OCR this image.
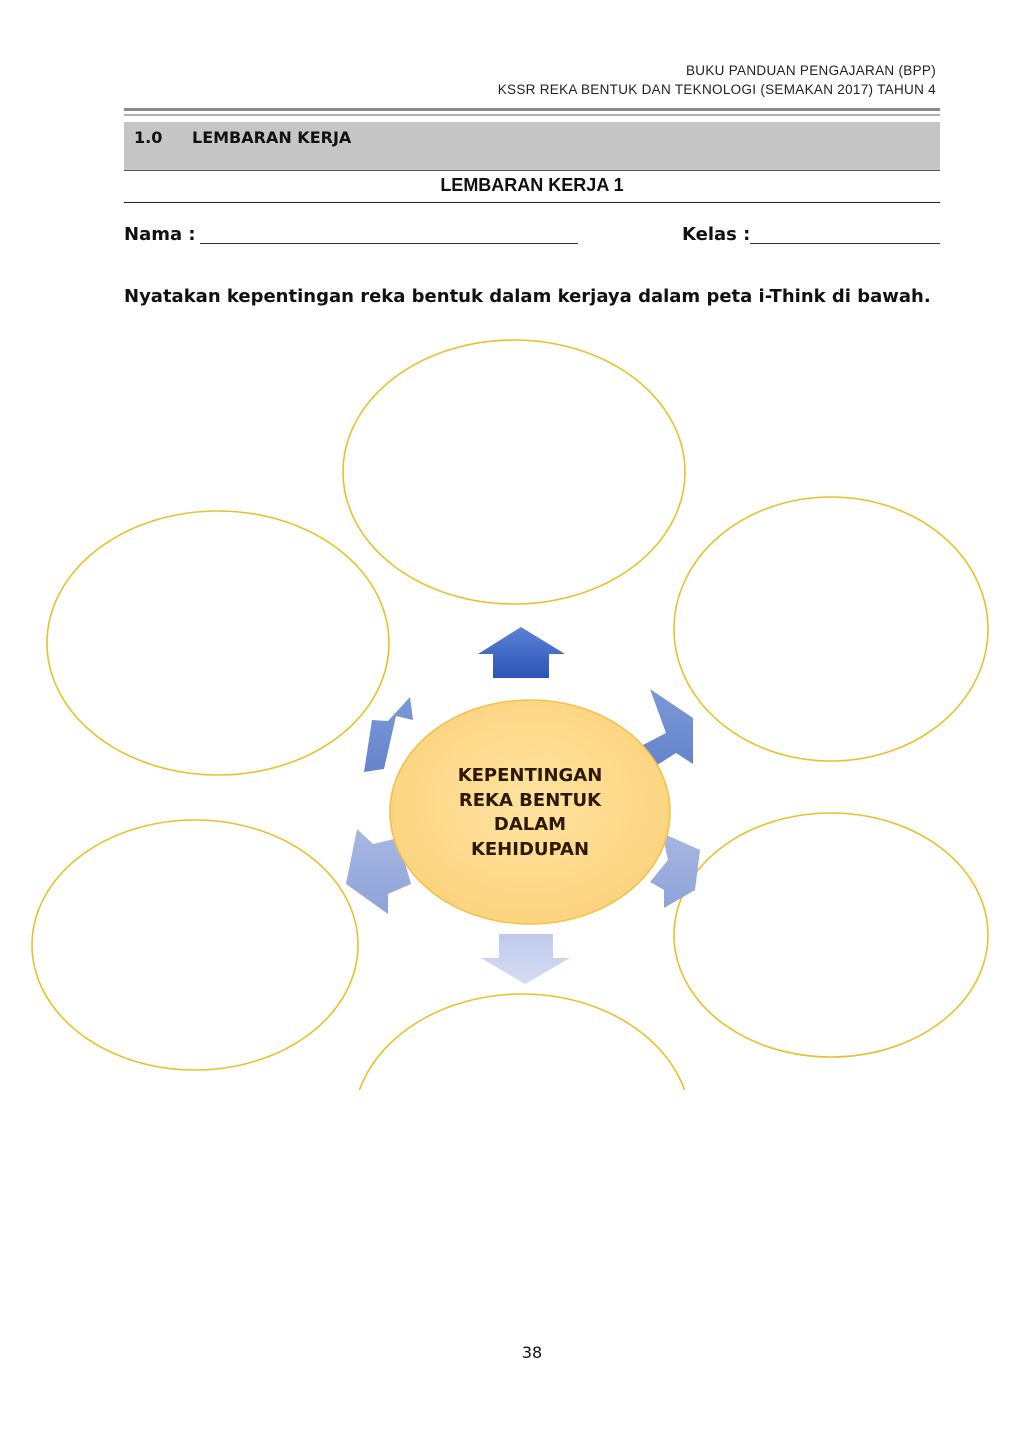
BUKU PANDUAN PENGAJARAN (BPP)
KSSR REKA BENTUK DAN TEKNOLOGI (SEMAKAN 2017) TAHUN 4
1.0 LEMBARAN KERJA
LEMBARAN KERJA 1
Nama :	Kelas :
Nyatakan kepentingan reka bentuk dalam kerjaya dalam peta i-Think di bawah.
KEPENTINGAN
REKA BENTUK
DALAM
KEHIDUPAN
38
